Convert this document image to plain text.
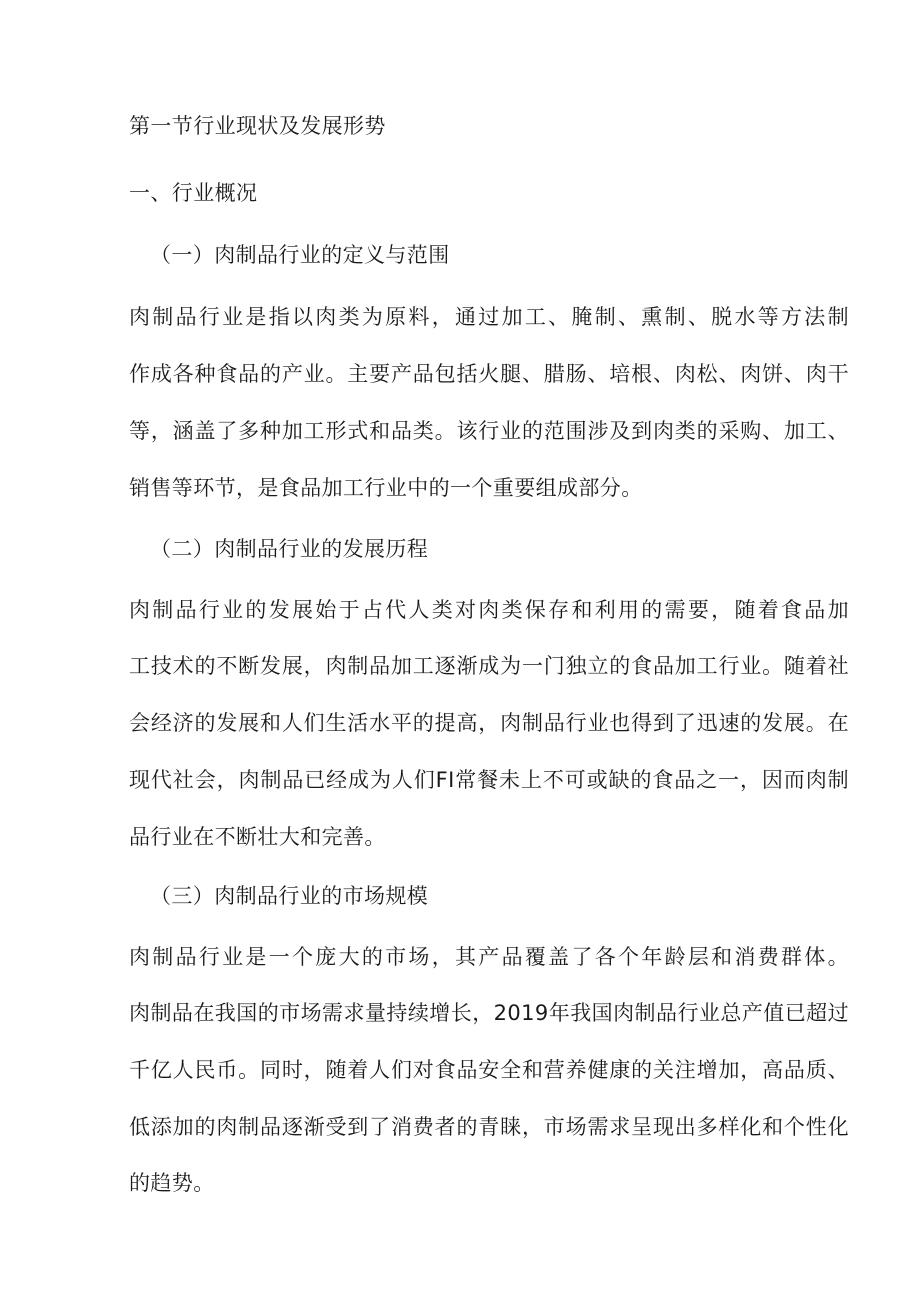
第一节行业现状及发展形势
一、行业概况
（一）肉制品行业的定义与范围
肉制品行业是指以肉类为原料，通过加工、腌制、熏制、脱水等方法制
作成各种食品的产业。主要产品包括火腿、腊肠、培根、肉松、肉饼、肉干
等，涵盖了多种加工形式和品类。该行业的范围涉及到肉类的采购、加工、
销售等环节，是食品加工行业中的一个重要组成部分。
（二）肉制品行业的发展历程
肉制品行业的发展始于占代人类对肉类保存和利用的需要，随着食品加
工技术的不断发展，肉制品加工逐渐成为一门独立的食品加工行业。随着社
会经济的发展和人们生活水平的提高，肉制品行业也得到了迅速的发展。在
现代社会，肉制品已经成为人们FI常餐未上不可或缺的食品之一，因而肉制
品行业在不断壮大和完善。
（三）肉制品行业的市场规模
肉制品行业是一个庞大的市场，其产品覆盖了各个年龄层和消费群体。
肉制品在我国的市场需求量持续增长，2019年我国肉制品行业总产值已超过
千亿人民币。同时，随着人们对食品安全和营养健康的关注增加，高品质、
低添加的肉制品逐渐受到了消费者的青睐，市场需求呈现出多样化和个性化
的趋势。
